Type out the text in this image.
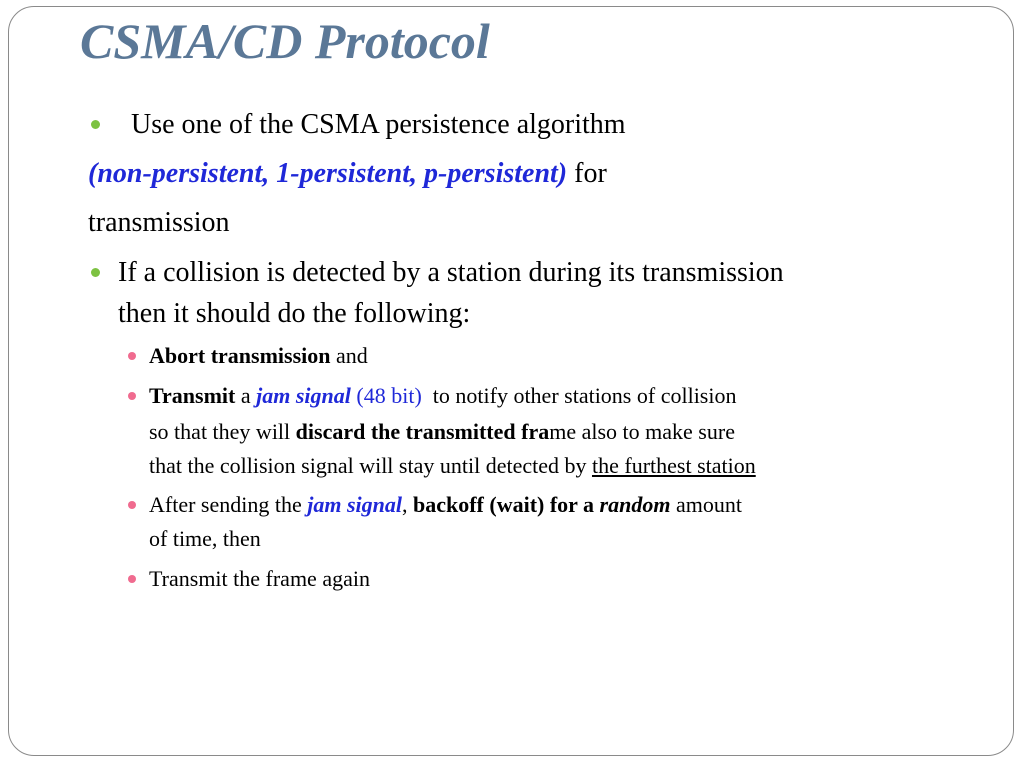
CSMA/CD Protocol
Use one of the CSMA persistence algorithm
(non-persistent, 1-persistent, p-persistent) for
transmission
If a collision is detected by a station during its transmission
then it should do the following:
Abort transmission and
Transmit a jam signal (48 bit) to notify other stations of collision
so that they will discard the transmitted frame also to make sure
that the collision signal will stay until detected by the furthest station
After sending the jam signal, backoff (wait) for a random amount
of time, then
Transmit the frame again
